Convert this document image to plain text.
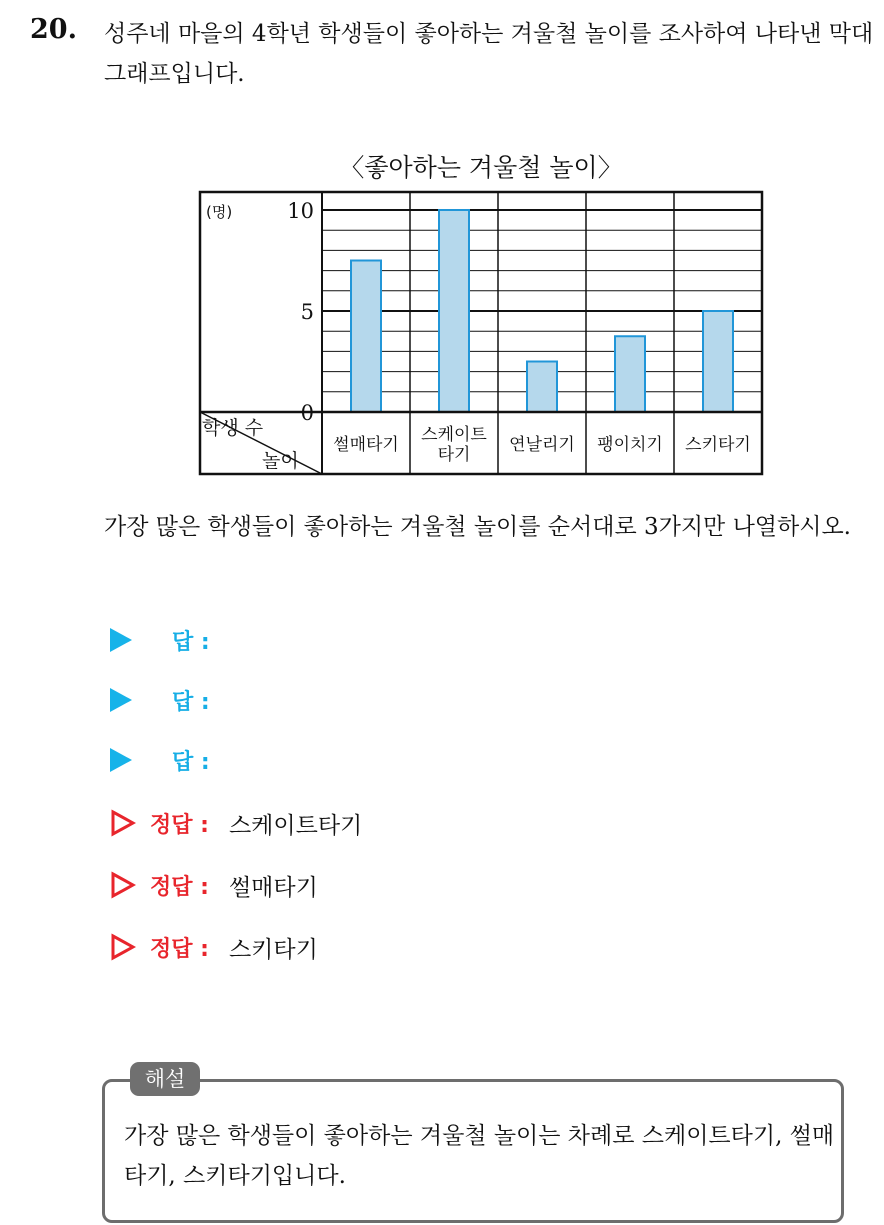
20. 성주네 마을의 4학년 학생들이 좋아하는 겨울철 놀이를 조사하여 나타낸 막대그래프입니다.
〈좋아하는 겨울철 놀이〉
(명)
학생 수
놀이
0
5
10
썰매타기 스케이트
타기 연날리기 팽이치기 스키타기
가장 많은 학생들이 좋아하는 겨울철 놀이를 순서대로 3가지만 나열하시오.
답 :
답 :
답 :
정답 : 스케이트타기
정답 : 썰매타기
정답 : 스키타기
해설
가장 많은 학생들이 좋아하는 겨울철 놀이는 차례로 스케이트타기, 썰매타기, 스키타기입니다.
